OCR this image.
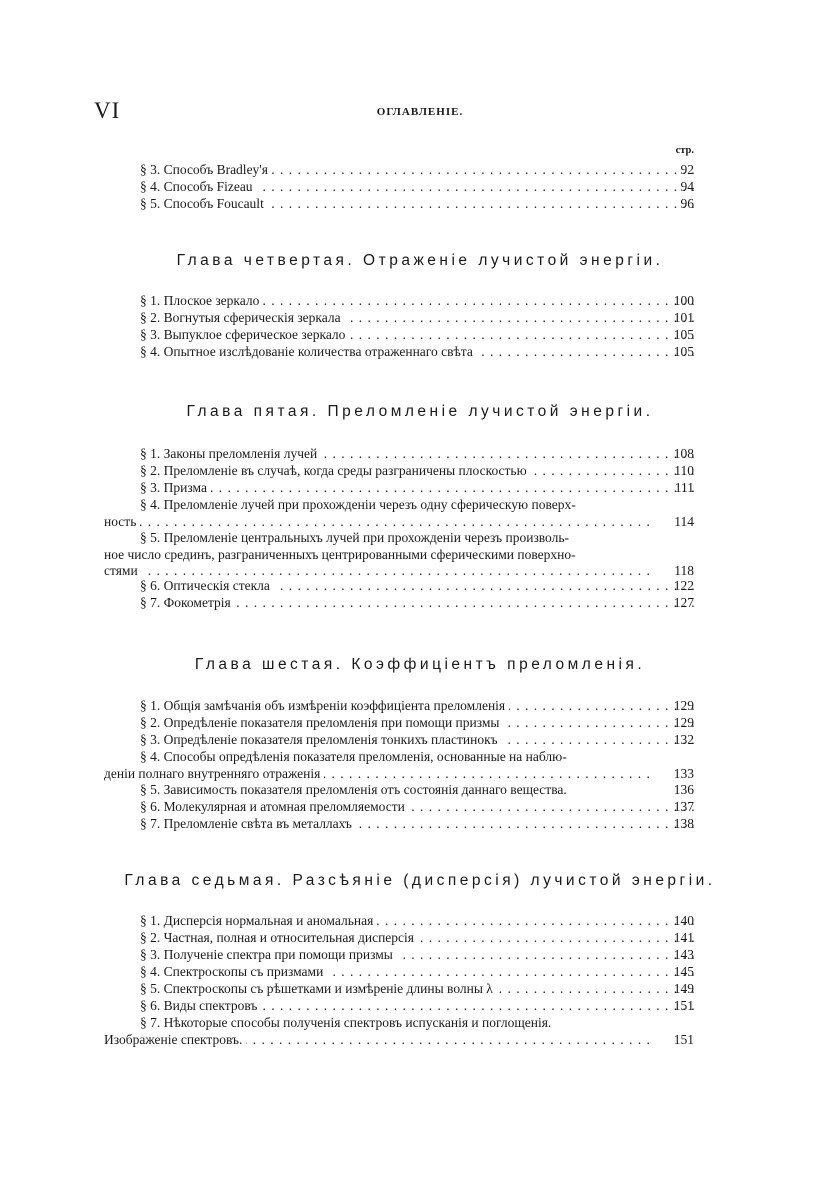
VI	ОГЛАВЛЕНІЕ.
стр.
§ 3. Способъ Bradley'я . . .	92
§ 4. Способъ Fizeau . . .	94
§ 5. Способъ Foucault . . .	96
Глава четвертая. Отраженіе лучистой энергіи.
§ 1. Плоское зеркало . . .	100
§ 2. Вогнутыя сферическія зеркала . . .	101
§ 3. Выпуклое сферическое зеркало . . .	105
§ 4. Опытное изслѣдованіе количества отраженнаго свѣта . . .	105
Глава пятая. Преломленіе лучистой энергіи.
§ 1. Законы преломленія лучей . . .	108
§ 2. Преломленіе въ случаѣ, когда среды разграничены плоскостью . . .	110
§ 3. Призма . . .	111
§ 4. Преломленіе лучей при прохожденіи черезъ одну сферическую поверх-
ность . . .	114
§ 5. Преломленіе центральныхъ лучей при прохожденіи черезъ произволь-
ное число срединъ, разграниченныхъ центрированными сферическими поверхно-
стями . . .	118
§ 6. Оптическія стекла . . .	122
§ 7. Фокометрія . . .	127
Глава шестая. Коэффиціентъ преломленія.
§ 1. Общія замѣчанія объ измѣреніи коэффиціента преломленія . . .	129
§ 2. Опредѣленіе показателя преломленія при помощи призмы . . .	129
§ 3. Опредѣленіе показателя преломленія тонкихъ пластинокъ . . .	132
§ 4. Способы опредѣленія показателя преломленія, основанные на наблю-
деніи полнаго внутренняго отраженія . . .	133
§ 5. Зависимость показателя преломленія отъ состоянія даннаго вещества.	136
§ 6. Молекулярная и атомная преломляемости . . .	137
§ 7. Преломленіе свѣта въ металлахъ . . .	138
Глава седьмая. Разсѣяніе (дисперсія) лучистой энергіи.
§ 1. Дисперсія нормальная и аномальная . . .	140
§ 2. Частная, полная и относительная дисперсія . . .	141
§ 3. Полученіе спектра при помощи призмы . . .	143
§ 4. Спектроскопы съ призмами . . .	145
§ 5. Спектроскопы съ рѣшетками и измѣреніе длины волны λ . . .	149
§ 6. Виды спектровъ . . .	151
§ 7. Нѣкоторые способы полученія спектровъ испусканія и поглощенія.
Изображеніе спектровъ. . . .	151
